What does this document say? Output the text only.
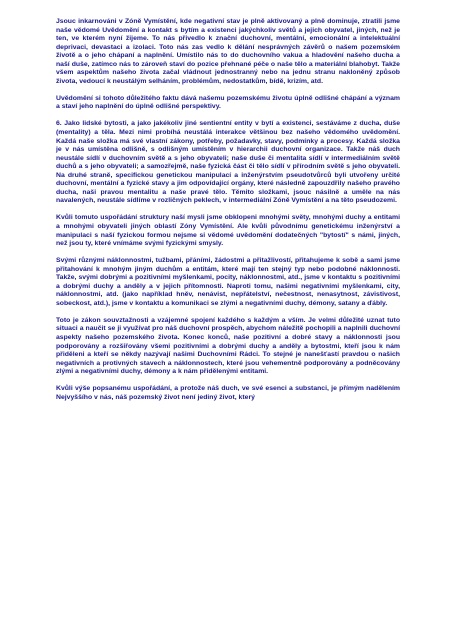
Jsouc inkarnováni v Zóně Vymístění, kde negativní stav je plně aktivovaný a plně dominuje, ztratili jsme naše vědomé Uvědomění a kontakt s bytím a existenci jakýchkoliv světů a jejich obyvatel, jiných, než je ten, ve kterém nyní žijeme. To nás přivedlo k znační duchovní, mentální, emocionální a intelektuální deprivaci, devastaci a izolaci. Toto nás zas vedlo k dělání nesprávných závěrů o našem pozemském životě a o jeho chápaní a naplnění. Umístilo nás to do duchovního vakua a hladovění našeho ducha a naší duše, zatímco nás to zároveň staví do pozice přehnané péče o naše tělo a materiální blahobyt. Takže všem aspektům našeho života začal vládnout jednostranný nebo na jednu stranu nakloněný způsob života, vedoucí k neustálým selháním, problémům, nedostatkům, bídě, krizím, atd.

Uvědomění si tohoto důležitého faktu dává našemu pozemskému životu úplně odlišné chápání a význam a staví jeho naplnění do úplně odlišné perspektivy.

6. Jako lidské bytosti, a jako jakékoliv jiné sentientní entity v bytí a existenci, sestáváme z ducha, duše (mentality) a těla. Mezi nimi probíhá neustálá interakce většinou bez našeho vědomého uvědomění. Každá naše složka má své vlastní zákony, potřeby, požadavky, stavy, podmínky a procesy. Každá složka je v nás umístěna odlišně, s odlišným umístěním v hierarchii duchovní organizace. Takže náš duch neustále sídlí v duchovním světě a s jeho obyvateli; naše duše či mentalita sídlí v intermediálním světě duchů a s jeho obyvateli; a samozřejmě, naše fyzická část či tělo sídlí v přírodním světě s jeho obyvateli. Na druhé straně, specifickou genetickou manipulací a inženýrstvím pseudotvůrců byli utvořeny určité duchovní, mentální a fyzické stavy a jim odpovídající orgány, které následně zapouzdřily našeho pravého ducha, naši pravou mentalitu a naše pravé tělo. Těmito složkami, jsouc násilně a uměle na nás navalených, neustále sídlíme v rozličných peklech, v intermediální Zóně Vymístění a na těto pseudozemi.

Kvůli tomuto uspořádání struktury naší mysli jsme obklopeni mnohými světy, mnohými duchy a entitami a mnohými obyvateli jiných oblastí Zóny Vymístění. Ale kvůli původnímu genetickému inženýrství a manipulaci s naší fyzickou formou nejsme si vědomé uvědomění dodatečných "bytostí" s námi, jiných, než jsou ty, které vnímáme svými fyzickými smysly.

Svými různými náklonnostmi, tužbami, přáními, žádostmi a přitažlivostí, přitahujeme k sobě a sami jsme přitahování k mnohým jiným duchům a entitám, které mají ten stejný typ nebo podobné náklonnosti. Takže, svými dobrými a pozitivními myšlenkami, pocity, náklonnostmi, atd., jsme v kontaktu s pozitivními a dobrými duchy a anděly a v jejich přítomnosti. Naproti tomu, našimi negativními myšlenkami, city, náklonnostmi, atd. (jako například hněv, nenávist, nepřátelství, nečestnost, nenasytnost, závistivost, sobeckost, atd.), jsme v kontaktu a komunikaci se zlými a negativními duchy, démony, satany a ďábly.

Toto je zákon souvztažnosti a vzájemné spojení každého s každým a vším. Je velmi důležité uznat tuto situaci a naučit se ji využívat pro náš duchovní prospěch, abychom náležitě pochopili a naplnili duchovní aspekty našeho pozemského života. Konec konců, naše pozitivní a dobré stavy a náklonnosti jsou podporovány a rozšiřovány všemi pozitivními a dobrými duchy a anděly a bytostmi, kteří jsou k nám přiděleni a kteří se někdy nazývají našimi Duchovními Rádci. To stejné je nanešťastí pravdou o našich negativních a protivných stavech a náklonnostech, které jsou vehementně podporovány a podněcovány zlými a negativními duchy, démony a k nám přidělenými entitami.

Kvůli výše popsanému uspořádání, a protože náš duch, ve své esenci a substanci, je přímým nadělením Nejvyššího v nás, náš pozemský život není jediný život, který
